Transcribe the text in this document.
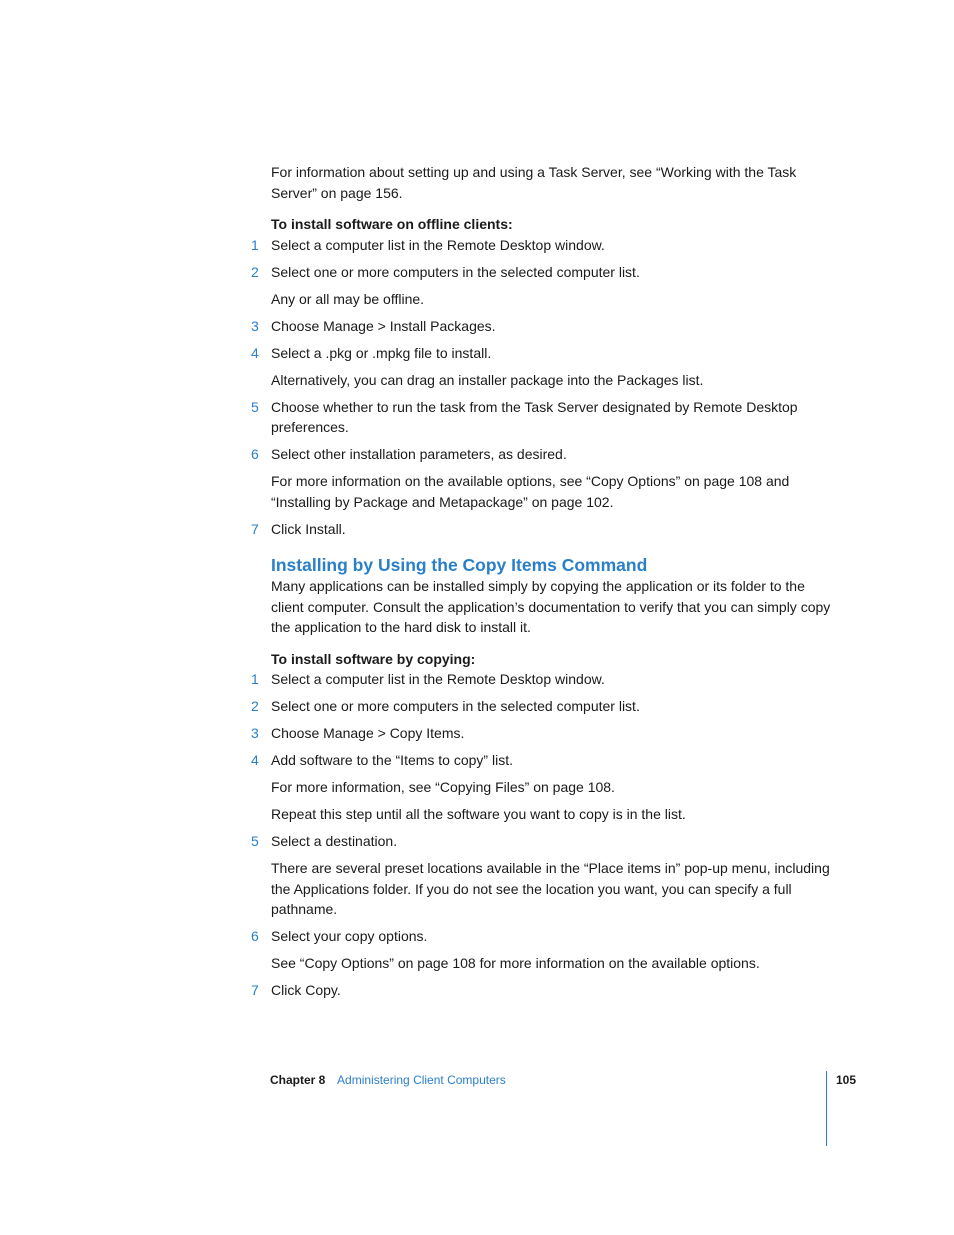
For information about setting up and using a Task Server, see “Working with the Task Server” on page 156.

To install software on offline clients:

1 Select a computer list in the Remote Desktop window.

2 Select one or more computers in the selected computer list.

Any or all may be offline.

3 Choose Manage > Install Packages.

4 Select a .pkg or .mpkg file to install.

Alternatively, you can drag an installer package into the Packages list.

5 Choose whether to run the task from the Task Server designated by Remote Desktop preferences.

6 Select other installation parameters, as desired.

For more information on the available options, see “Copy Options” on page 108 and “Installing by Package and Metapackage” on page 102.

7 Click Install.

Installing by Using the Copy Items Command

Many applications can be installed simply by copying the application or its folder to the client computer. Consult the application’s documentation to verify that you can simply copy the application to the hard disk to install it.

To install software by copying:

1 Select a computer list in the Remote Desktop window.

2 Select one or more computers in the selected computer list.

3 Choose Manage > Copy Items.

4 Add software to the “Items to copy” list.

For more information, see “Copying Files” on page 108.

Repeat this step until all the software you want to copy is in the list.

5 Select a destination.

There are several preset locations available in the “Place items in” pop-up menu, including the Applications folder. If you do not see the location you want, you can specify a full pathname.

6 Select your copy options.

See “Copy Options” on page 108 for more information on the available options.

7 Click Copy.

Chapter 8 Administering Client Computers	105
